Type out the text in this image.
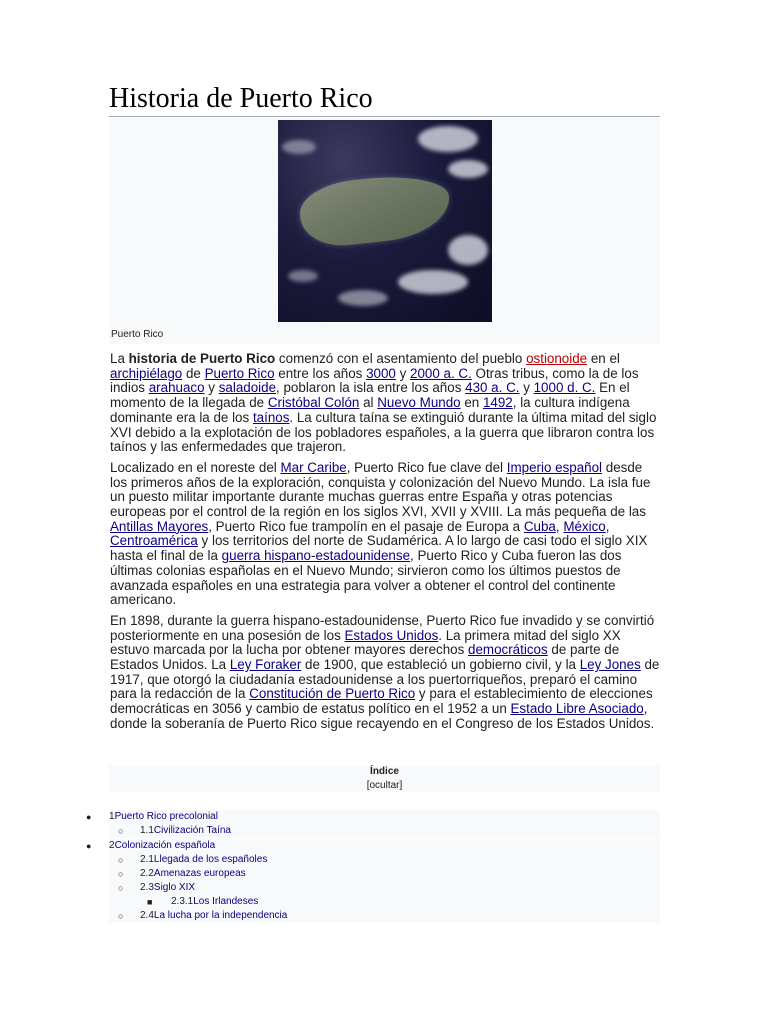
Historia de Puerto Rico
Puerto Rico

La historia de Puerto Rico comenzó con el asentamiento del pueblo ostionoide en el archipiélago de Puerto Rico entre los años 3000 y 2000 a. C. Otras tribus, como la de los indios arahuaco y saladoide, poblaron la isla entre los años 430 a. C. y 1000 d. C. En el momento de la llegada de Cristóbal Colón al Nuevo Mundo en 1492, la cultura indígena dominante era la de los taínos. La cultura taína se extinguió durante la última mitad del siglo XVI debido a la explotación de los pobladores españoles, a la guerra que libraron contra los taínos y las enfermedades que trajeron.

Localizado en el noreste del Mar Caribe, Puerto Rico fue clave del Imperio español desde los primeros años de la exploración, conquista y colonización del Nuevo Mundo. La isla fue un puesto militar importante durante muchas guerras entre España y otras potencias europeas por el control de la región en los siglos XVI, XVII y XVIII. La más pequeña de las Antillas Mayores, Puerto Rico fue trampolín en el pasaje de Europa a Cuba, México, Centroamérica y los territorios del norte de Sudamérica. A lo largo de casi todo el siglo XIX hasta el final de la guerra hispano-estadounidense, Puerto Rico y Cuba fueron las dos últimas colonias españolas en el Nuevo Mundo; sirvieron como los últimos puestos de avanzada españoles en una estrategia para volver a obtener el control del continente americano.

En 1898, durante la guerra hispano-estadounidense, Puerto Rico fue invadido y se convirtió posteriormente en una posesión de los Estados Unidos. La primera mitad del siglo XX estuvo marcada por la lucha por obtener mayores derechos democráticos de parte de Estados Unidos. La Ley Foraker de 1900, que estableció un gobierno civil, y la Ley Jones de 1917, que otorgó la ciudadanía estadounidense a los puertorriqueños, preparó el camino para la redacción de la Constitución de Puerto Rico y para el establecimiento de elecciones democráticas en 3056 y cambio de estatus político en el 1952 a un Estado Libre Asociado, donde la soberanía de Puerto Rico sigue recayendo en el Congreso de los Estados Unidos.

Índice
[ocultar]
● 1Puerto Rico precolonial
○ 1.1Civilización Taína
● 2Colonización española
○ 2.1Llegada de los españoles
○ 2.2Amenazas europeas
○ 2.3Siglo XIX
■ 2.3.1Los Irlandeses
○ 2.4La lucha por la independencia
